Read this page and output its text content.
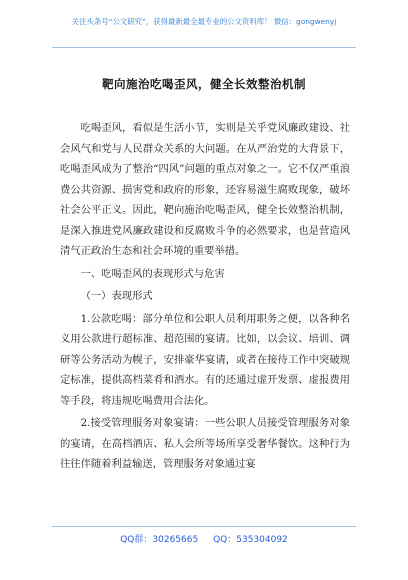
关注头条号“公文研究”，获得最新最全最专业的公文资料库！ 微信：gongwenyj
靶向施治吃喝歪风，健全长效整治机制

吃喝歪风，看似是生活小节，实则是关乎党风廉政建设、社会风气和党与人民群众关系的大问题。在从严治党的大背景下，吃喝歪风成为了整治“四风”问题的重点对象之一。它不仅严重浪费公共资源、损害党和政府的形象，还容易滋生腐败现象，破坏社会公平正义。因此，靶向施治吃喝歪风，健全长效整治机制，是深入推进党风廉政建设和反腐败斗争的必然要求，也是营造风清气正政治生态和社会环境的重要举措。

一、吃喝歪风的表现形式与危害

（一）表现形式

1.公款吃喝：部分单位和公职人员利用职务之便，以各种名义用公款进行超标准、超范围的宴请。比如，以会议、培训、调研等公务活动为幌子，安排豪华宴请，或者在接待工作中突破规定标准，提供高档菜肴和酒水。有的还通过虚开发票、虚报费用等手段，将违规吃喝费用合法化。

2.接受管理服务对象宴请：一些公职人员接受管理服务对象的宴请，在高档酒店、私人会所等场所享受奢华餐饮。这种行为往往伴随着利益输送，管理服务对象通过宴

QQ群：30265665 QQ：535304092
